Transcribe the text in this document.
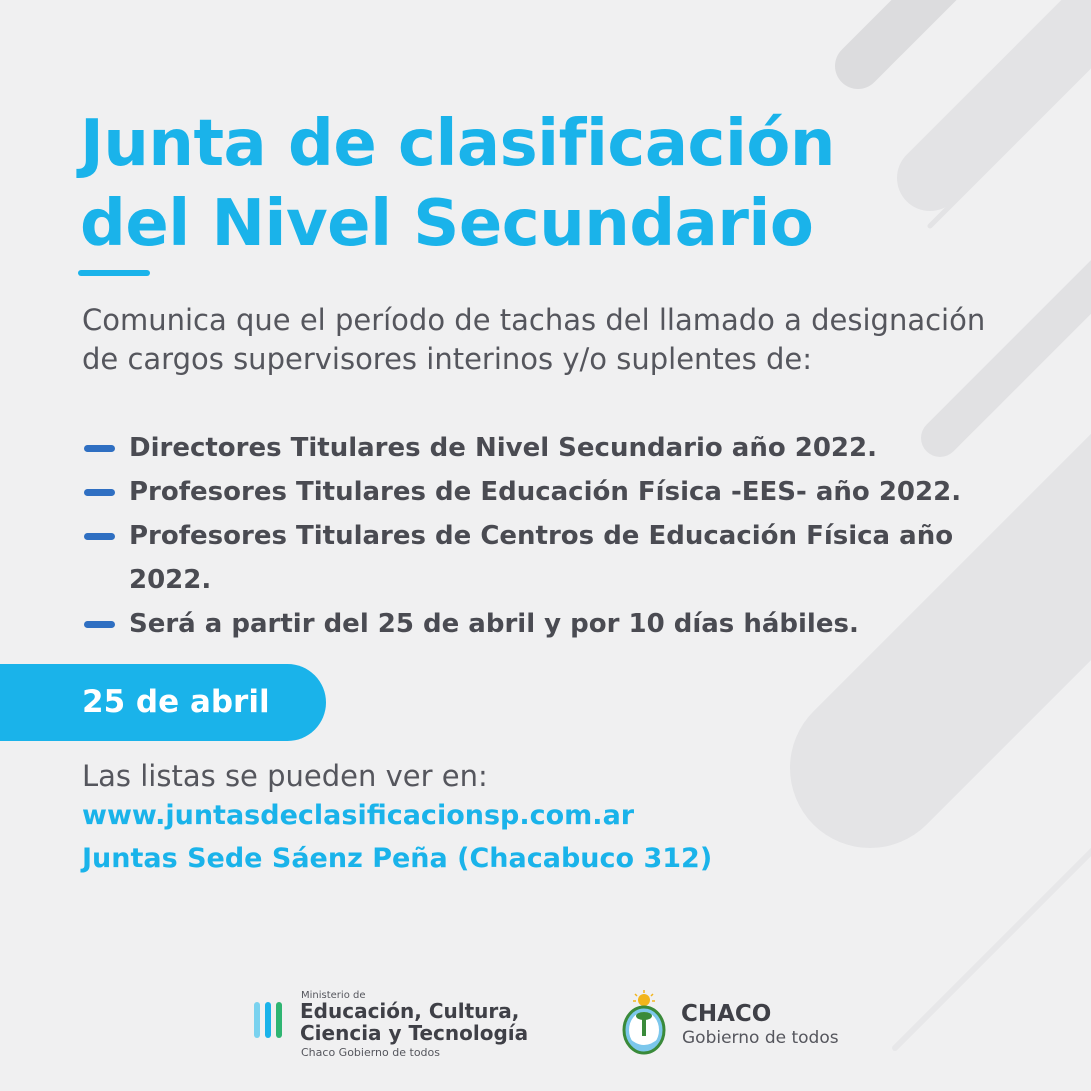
Junta de clasificación
del Nivel Secundario

Comunica que el período de tachas del llamado a designación de cargos supervisores interinos y/o suplentes de:

Directores Titulares de Nivel Secundario año 2022.
Profesores Titulares de Educación Física -EES- año 2022.
Profesores Titulares de Centros de Educación Física año
2022.
Será a partir del 25 de abril y por 10 días hábiles.
25 de abril
Las listas se pueden ver en:
www.juntasdeclasificacionsp.com.ar
Juntas Sede Sáenz Peña (Chacabuco 312)
Ministerio de
Educación, Cultura,
Ciencia y Tecnología
Chaco Gobierno de todos
CHACO
Gobierno de todos
